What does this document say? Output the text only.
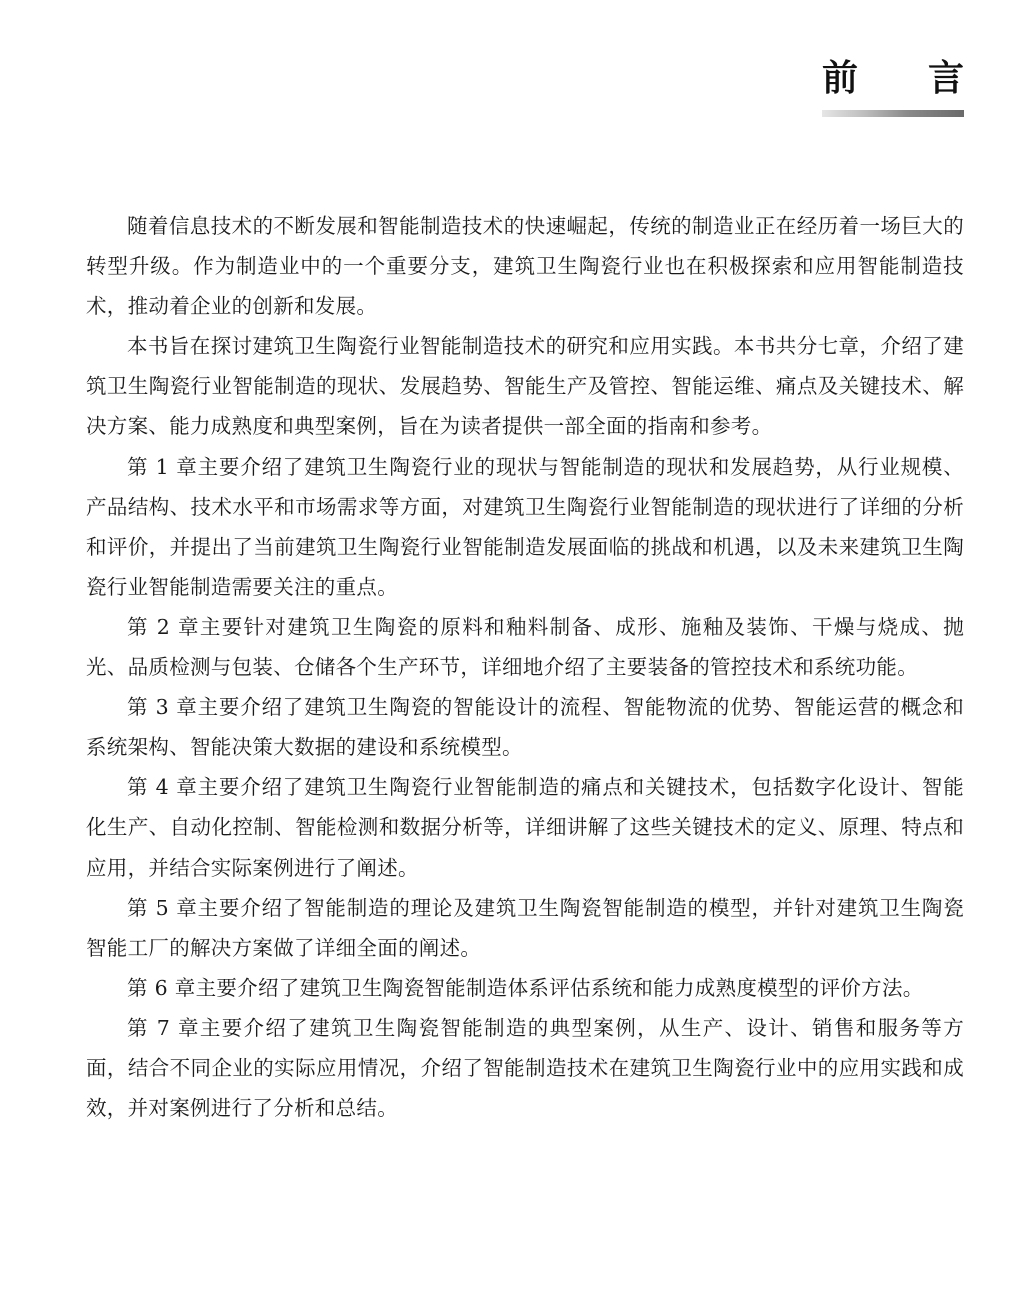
前 言

随着信息技术的不断发展和智能制造技术的快速崛起，传统的制造业正在经历着一场巨大的转型升级。作为制造业中的一个重要分支，建筑卫生陶瓷行业也在积极探索和应用智能制造技术，推动着企业的创新和发展。

本书旨在探讨建筑卫生陶瓷行业智能制造技术的研究和应用实践。本书共分七章，介绍了建筑卫生陶瓷行业智能制造的现状、发展趋势、智能生产及管控、智能运维、痛点及关键技术、解决方案、能力成熟度和典型案例，旨在为读者提供一部全面的指南和参考。

第 1 章主要介绍了建筑卫生陶瓷行业的现状与智能制造的现状和发展趋势，从行业规模、产品结构、技术水平和市场需求等方面，对建筑卫生陶瓷行业智能制造的现状进行了详细的分析和评价，并提出了当前建筑卫生陶瓷行业智能制造发展面临的挑战和机遇，以及未来建筑卫生陶瓷行业智能制造需要关注的重点。

第 2 章主要针对建筑卫生陶瓷的原料和釉料制备、成形、施釉及装饰、干燥与烧成、抛光、品质检测与包装、仓储各个生产环节，详细地介绍了主要装备的管控技术和系统功能。

第 3 章主要介绍了建筑卫生陶瓷的智能设计的流程、智能物流的优势、智能运营的概念和系统架构、智能决策大数据的建设和系统模型。

第 4 章主要介绍了建筑卫生陶瓷行业智能制造的痛点和关键技术，包括数字化设计、智能化生产、自动化控制、智能检测和数据分析等，详细讲解了这些关键技术的定义、原理、特点和应用，并结合实际案例进行了阐述。

第 5 章主要介绍了智能制造的理论及建筑卫生陶瓷智能制造的模型，并针对建筑卫生陶瓷智能工厂的解决方案做了详细全面的阐述。

第 6 章主要介绍了建筑卫生陶瓷智能制造体系评估系统和能力成熟度模型的评价方法。

第 7 章主要介绍了建筑卫生陶瓷智能制造的典型案例，从生产、设计、销售和服务等方面，结合不同企业的实际应用情况，介绍了智能制造技术在建筑卫生陶瓷行业中的应用实践和成效，并对案例进行了分析和总结。
